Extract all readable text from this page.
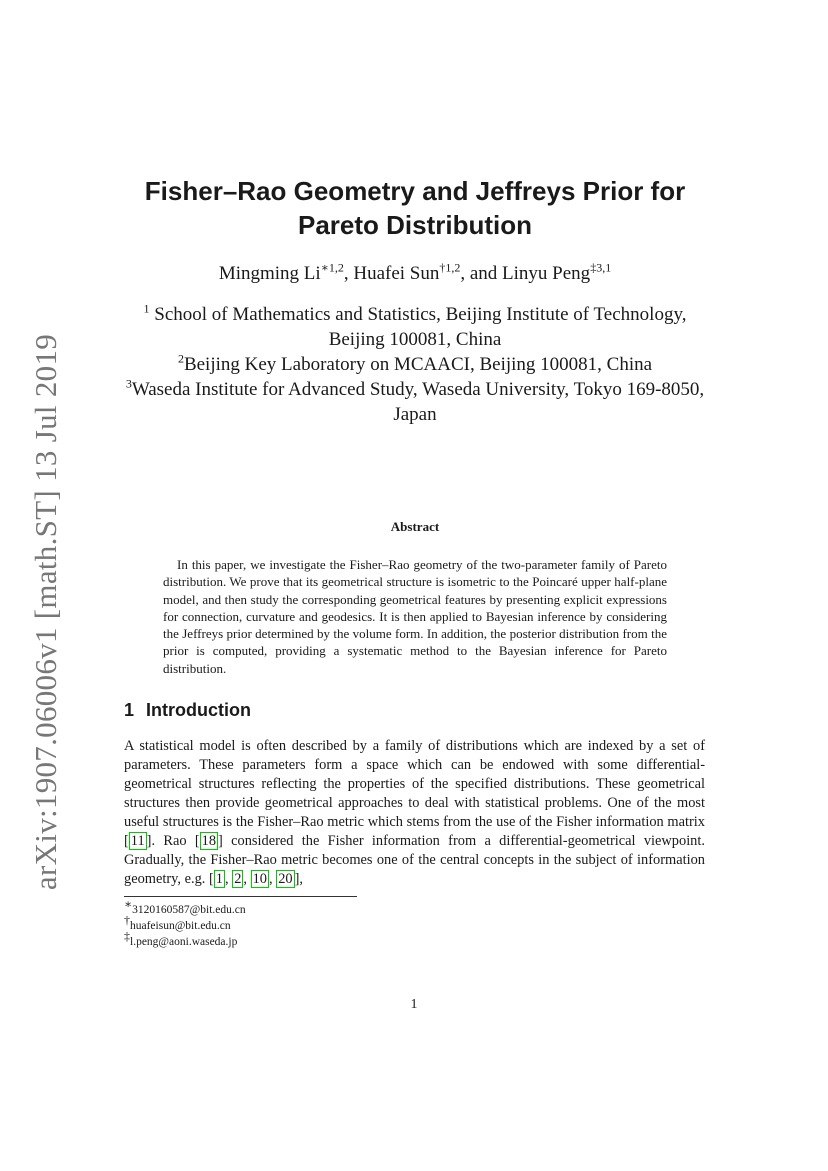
arXiv:1907.06006v1 [math.ST] 13 Jul 2019
Fisher–Rao Geometry and Jeffreys Prior for
Pareto Distribution
Mingming $Li^{∗1,2}$, Huafei Sun$^{\dagger 1,2}$, and Linyu Peng$^{\ddagger 3,1}$
$^1$ School of Mathematics and Statistics, Beijing Institute of Technology, Beijing 100081, China
$^2$Beijing Key Laboratory on MCAACI, Beijing 100081, China
$^3$Waseda Institute for Advanced Study, Waseda University, Tokyo 169-8050, Japan
Abstract
In this paper, we investigate the Fisher–Rao geometry of the two-parameter family of Pareto distribution. We prove that its geometrical structure is isometric to the Poincaré upper half-plane model, and then study the corresponding geometrical features by presenting explicit expressions for connection, curvature and geodesics. It is then applied to Bayesian inference by considering the Jeffreys prior determined by the volume form. In addition, the posterior distribution from the prior is computed, providing a systematic method to the Bayesian inference for Pareto distribution.
1 Introduction
A statistical model is often described by a family of distributions which are indexed by a set of parameters. These parameters form a space which can be endowed with some differential-geometrical structures reflecting the properties of the specified distributions. These geometrical structures then provide geometrical approaches to deal with statistical problems. One of the most useful structures is the Fisher–Rao metric which stems from the use of the Fisher information matrix [ 11 ]. Rao [ 18 ] considered the Fisher information from a differential-geometrical viewpoint. Gradually, the Fisher–Rao metric becomes one of the central concepts in the subject of information geometry, e.g. [ 1 , 2 , 10 , 20 ],
∗3120160587@bit.edu.cn
†huafeisun@bit.edu.cn
‡l.peng@aoni.waseda.jp
1
